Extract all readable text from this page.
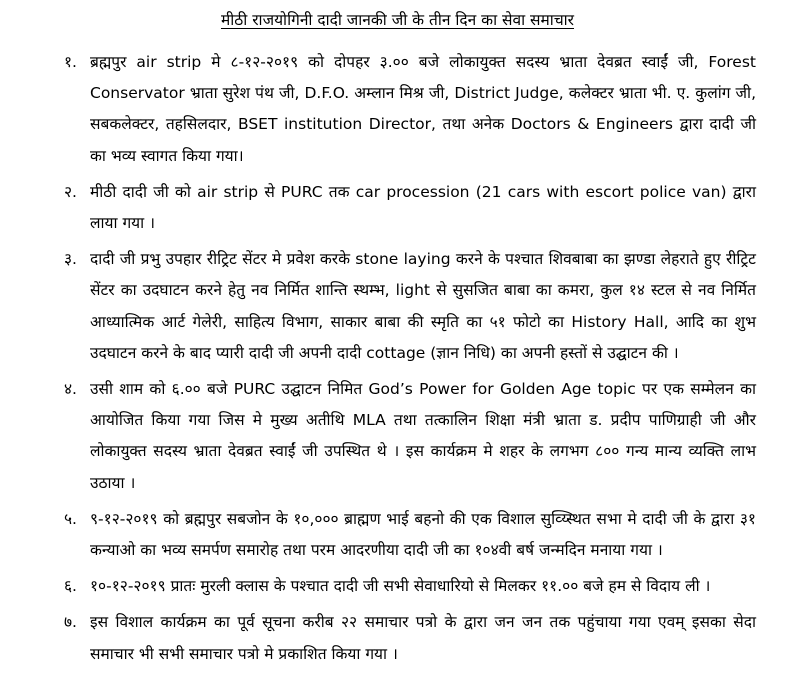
मीठी राजयोगिनी दादी जानकी जी के तीन दिन का सेवा समाचार
१. ब्रह्मपुर air strip मे ८-१२-२०१९ को दोपहर ३.०० बजे लोकायुक्त सदस्य भ्राता देवब्रत स्वाईं जी, Forest Conservator भ्राता सुरेश पंथ जी, D.F.O. अम्लान मिश्र जी, District Judge, कलेक्टर भ्राता भी. ए. कुलांग जी, सबकलेक्टर, तहसिलदार, BSET institution Director, तथा अनेक Doctors & Engineers द्वारा दादी जी का भव्य स्वागत किया गया।
२. मीठी दादी जी को air strip से PURC तक car procession (21 cars with escort police van) द्वारा लाया गया ।
३. दादी जी प्रभु उपहार रीट्रिट सेंटर मे प्रवेश करके stone laying करने के पश्चात शिवबाबा का झण्डा लेहराते हुए रीट्रिट सेंटर का उदघाटन करने हेतु नव निर्मित शान्ति स्थम्भ, light से सुसजित बाबा का कमरा, कुल १४ स्टल से नव निर्मित आध्यात्मिक आर्ट गेलेरी, साहित्य विभाग, साकार बाबा की स्मृति का ५१ फोटो का History Hall, आदि का शुभ उदघाटन करने के बाद प्यारी दादी जी अपनी दादी cottage (ज्ञान निधि) का अपनी हस्तों से उद्घाटन की ।
४. उसी शाम को ६.०० बजे PURC उद्घाटन निमित God’s Power for Golden Age topic पर एक सम्मेलन का आयोजित किया गया जिस मे मुख्य अतीथि MLA तथा तत्कालिन शिक्षा मंत्री भ्राता ड. प्रदीप पाणिग्राही जी और लोकायुक्त सदस्य भ्राता देवब्रत स्वाईं जी उपस्थित थे । इस कार्यक्रम मे शहर के लगभग ८०० गन्य मान्य व्यक्ति लाभ उठाया ।
५. ९-१२-२०१९ को ब्रह्मपुर सबजोन के १०,००० ब्राह्मण भाई बहनो की एक विशाल सुव्य्स्थित सभा मे दादी जी के द्वारा ३१ कन्याओ का भव्य समर्पण समारोह तथा परम आदरणीया दादी जी का १०४वी बर्ष जन्मदिन मनाया गया ।
६. १०-१२-२०१९ प्रातः मुरली क्लास के पश्चात दादी जी सभी सेवाधारियो से मिलकर ११.०० बजे हम से विदाय ली ।
७. इस विशाल कार्यक्रम का पूर्व सूचना करीब २२ समाचार पत्रो के द्वारा जन जन तक पहुंचाया गया एवम् इसका सेदा समाचार भी सभी समाचार पत्रो मे प्रकाशित किया गया ।
